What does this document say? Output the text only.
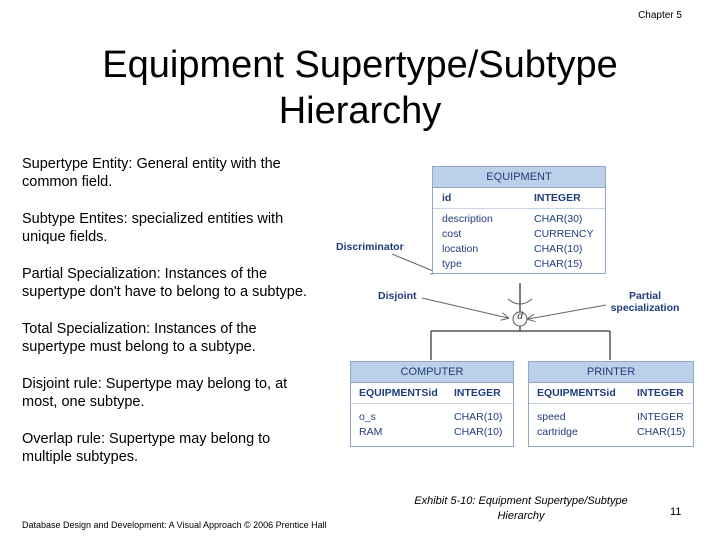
Chapter 5
Equipment Supertype/Subtype
Hierarchy
Supertype Entity: General entity with the common field.
Subtype Entites: specialized entities with unique fields.
Partial Specialization: Instances of the supertype don't have to belong to a subtype.
Total Specialization: Instances of the supertype must belong to a subtype.
Disjoint rule: Supertype may belong to, at most, one subtype.
Overlap rule: Supertype may belong to multiple subtypes.
d
EQUIPMENT
id	INTEGER
description	CHAR(30)
cost	CURRENCY
location	CHAR(10)
type	CHAR(15)
COMPUTER
EQUIPMENTSid INTEGER
o_s	CHAR(10)
RAM	CHAR(10)
PRINTER
EQUIPMENTSid INTEGER
speed	INTEGER
cartridge	CHAR(15)
Discriminator
Disjoint	Partial
specialization
Exhibit 5-10: Equipment Supertype/Subtype Hierarchy	11
Database Design and Development: A Visual Approach © 2006 Prentice Hall
